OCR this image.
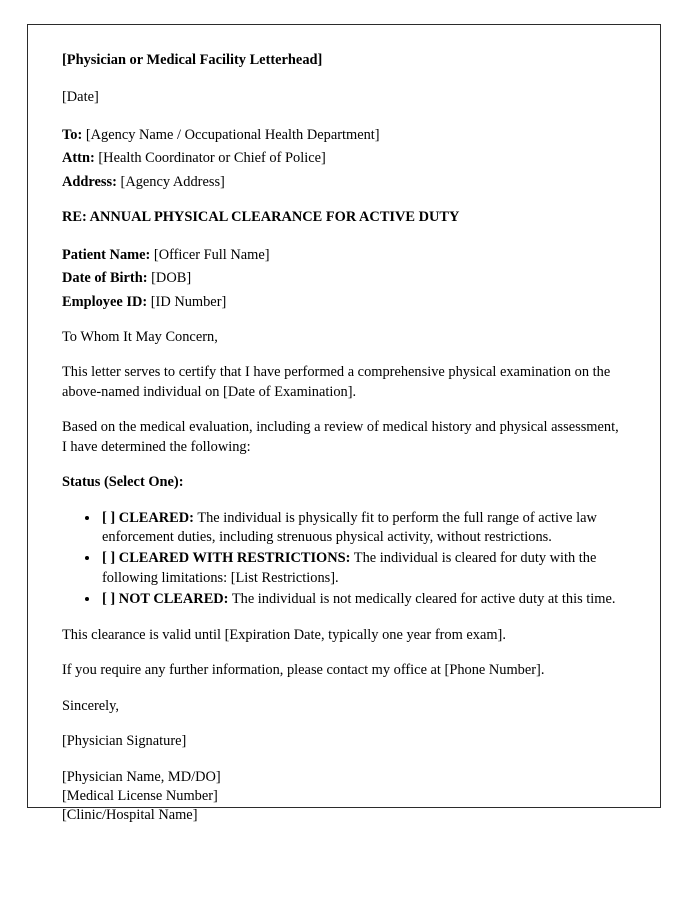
[Physician or Medical Facility Letterhead]

[Date]

To: [Agency Name / Occupational Health Department]
Attn: [Health Coordinator or Chief of Police]
Address: [Agency Address]

RE: ANNUAL PHYSICAL CLEARANCE FOR ACTIVE DUTY

Patient Name: [Officer Full Name]
Date of Birth: [DOB]
Employee ID: [ID Number]

To Whom It May Concern,

This letter serves to certify that I have performed a comprehensive physical examination on the above-named individual on [Date of Examination].

Based on the medical evaluation, including a review of medical history and physical assessment, I have determined the following:

Status (Select One):

• [ ] CLEARED: The individual is physically fit to perform the full range of active law enforcement duties, including strenuous physical activity, without restrictions.
• [ ] CLEARED WITH RESTRICTIONS: The individual is cleared for duty with the following limitations: [List Restrictions].
• [ ] NOT CLEARED: The individual is not medically cleared for active duty at this time.

This clearance is valid until [Expiration Date, typically one year from exam].

If you require any further information, please contact my office at [Phone Number].

Sincerely,

[Physician Signature]

[Physician Name, MD/DO]
[Medical License Number]
[Clinic/Hospital Name]
